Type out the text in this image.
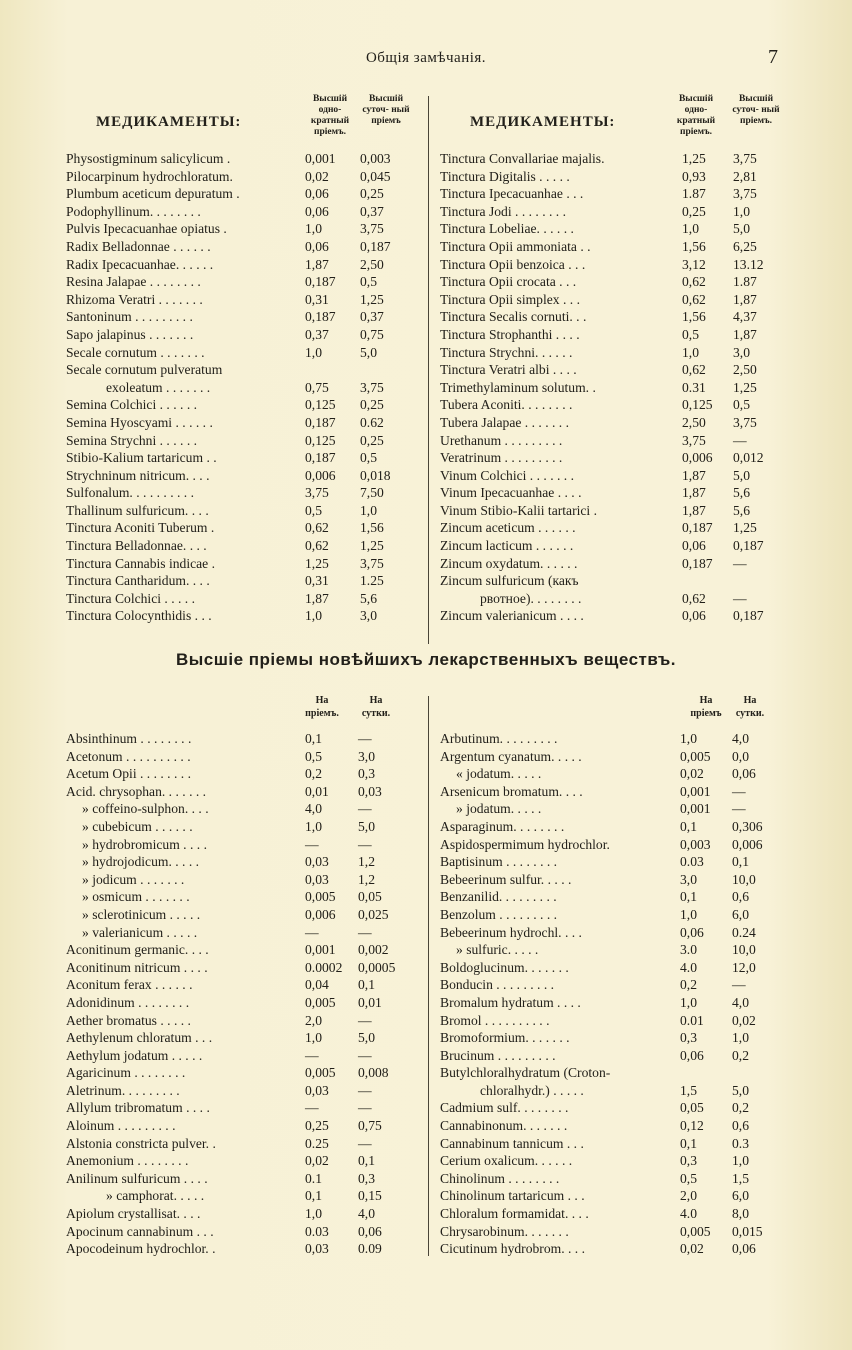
Общія замѣчанія.	7
МЕДИКАМЕНТЫ:
Высшій одно- кратный пріемъ.
Высшій суточ- ный пріемъ
Physostigminum salicylicum .	0,001 0,003
Pilocarpinum hydrochloratum.	0,02 0,045
Plumbum aceticum depuratum .	0,06 0,25
Podophyllinum. . . . . . . .	0,06 0,37
Pulvis Ipecacuanhae opiatus .	1,0	3,75
Radix Belladonnae . . . . . .	0,06 0,187
Radix Ipecacuanhae. . . . . .	1,87 2,50
Resina Jalapae . . . . . . . .	0,187 0,5
Rhizoma Veratri . . . . . . .	0,31 1,25
Santoninum . . . . . . . . .	0,187 0,37
Sapo jalapinus . . . . . . .	0,37 0,75
Secale cornutum . . . . . . .	1,0	5,0
Secale cornutum pulveratum
exoleatum . . . . . . .	0,75 3,75
Semina Colchici . . . . . .	0,125 0,25
Semina Hyoscyami . . . . . .	0,187 0.62
Semina Strychni . . . . . .	0,125 0,25
Stibio-Kalium tartaricum . .	0,187 0,5
Strychninum nitricum. . . .	0,006 0,018
Sulfonalum. . . . . . . . . .	3,75 7,50
Thallinum sulfuricum. . . .	0,5	1,0
Tinctura Aconiti Tuberum .	0,62 1,56
Tinctura Belladonnae. . . .	0,62 1,25
Tinctura Cannabis indicae .	1,25 3,75
Tinctura Cantharidum. . . .	0,31 1.25
Tinctura Colchici . . . . .	1,87 5,6
Tinctura Colocynthidis . . .	1,0	3,0
МЕДИКАМЕНТЫ:
Высшій одно- кратный пріемъ.
Высшій суточ- ный пріемъ.
Tinctura Convallariae majalis.	1,25 3,75
Tinctura Digitalis . . . . .	0,93 2,81
Tinctura Ipecacuanhae . . .	1.87 3,75
Tinctura Jodi . . . . . . . .	0,25 1,0
Tinctura Lobeliae. . . . . .	1,0	5,0
Tinctura Opii ammoniata . .	1,56 6,25
Tinctura Opii benzoica . . .	3,12 13.12
Tinctura Opii crocata . . .	0,62 1.87
Tinctura Opii simplex . . .	0,62 1,87
Tinctura Secalis cornuti. . .	1,56 4,37
Tinctura Strophanthi . . . .	0,5	1,87
Tinctura Strychni. . . . . .	1,0	3,0
Tinctura Veratri albi . . . .	0,62 2,50
Trimethylaminum solutum. .	0.31 1,25
Tubera Aconiti. . . . . . . .	0,125 0,5
Tubera Jalapae . . . . . . .	2,50 3,75
Urethanum . . . . . . . . .	3,75 —
Veratrinum . . . . . . . . .	0,006 0,012
Vinum Colchici . . . . . . .	1,87 5,0
Vinum Ipecacuanhae . . . .	1,87 5,6
Vinum Stibio-Kalii tartarici .	1,87 5,6
Zincum aceticum . . . . . .	0,187 1,25
Zincum lacticum . . . . . .	0,06 0,187
Zincum oxydatum. . . . . .	0,187 —
Zincum sulfuricum (какъ
рвотное). . . . . . . .	0,62 —
Zincum valerianicum . . . .	0,06 0,187
Высшіе пріемы новѣйшихъ лекарственныхъ веществъ.
На пріемъ.
На сутки.
Absinthinum . . . . . . . .	0,1	—
Acetonum . . . . . . . . . .	0,5	3,0
Acetum Opii . . . . . . . .	0,2	0,3
Acid. chrysophan. . . . . . .	0,01 0,03
» coffeino-sulphon. . . .	4,0	—
» cubebicum . . . . . .	1,0	5,0
» hydrobromicum . . . .	—	—
» hydrojodicum. . . . .	0,03 1,2
» jodicum . . . . . . .	0,03 1,2
» osmicum . . . . . . .	0,005 0,05
» sclerotinicum . . . . .	0,006 0,025
» valerianicum . . . . .	—	—
Aconitinum germanic. . . .	0,001 0,002
Aconitinum nitricum . . . .	0.0002 0,0005
Aconitum ferax . . . . . .	0,04 0,1
Adonidinum . . . . . . . .	0,005 0,01
Aether bromatus . . . . .	2,0	—
Aethylenum chloratum . . .	1,0	5,0
Aethylum jodatum . . . . .	—	—
Agaricinum . . . . . . . .	0,005 0,008
Aletrinum. . . . . . . . .	0,03 —
Allylum tribromatum . . . .	—	—
Aloinum . . . . . . . . .	0,25 0,75
Alstonia constricta pulver. .	0.25 —
Anemonium . . . . . . . .	0,02 0,1
Anilinum sulfuricum . . . .	0.1	0,3
» camphorat. . . . .	0,1	0,15
Apiolum crystallisat. . . .	1,0	4,0
Apocinum cannabinum . . .	0.03 0,06
Apocodeinum hydrochlor. .	0,03 0.09
На пріемъ
На сутки.
Arbutinum. . . . . . . . .	1,0	4,0
Argentum cyanatum. . . . .	0,005 0,0
« jodatum. . . . .	0,02 0,06
Arsenicum bromatum. . . .	0,001 —
» jodatum. . . . .	0,001 —
Asparaginum. . . . . . . .	0,1	0,306
Aspidospermimum hydrochlor.	0,003 0,006
Baptisinum . . . . . . . .	0.03 0,1
Bebeerinum sulfur. . . . .	3,0	10,0
Benzanilid. . . . . . . . .	0,1	0,6
Benzolum . . . . . . . . .	1,0	6,0
Bebeerinum hydrochl. . . .	0,06 0.24
» sulfuric. . . . .	3.0	10,0
Boldoglucinum. . . . . . .	4.0	12,0
Bonducin . . . . . . . . .	0,2	—
Bromalum hydratum . . . .	1,0	4,0
Bromol . . . . . . . . . .	0.01 0,02
Bromoformium. . . . . . .	0,3	1,0
Brucinum . . . . . . . . .	0,06 0,2
Butylchloralhydratum (Croton-
chloralhydr.) . . . . .	1,5	5,0
Cadmium sulf. . . . . . . .	0,05 0,2
Cannabinonum. . . . . . .	0,12 0,6
Cannabinum tannicum . . .	0,1	0.3
Cerium oxalicum. . . . . .	0,3	1,0
Chinolinum . . . . . . . .	0,5	1,5
Chinolinum tartaricum . . .	2,0	6,0
Chloralum formamidat. . . .	4.0	8,0
Chrysarobinum. . . . . . .	0,005 0,015
Cicutinum hydrobrom. . . .	0,02 0,06
